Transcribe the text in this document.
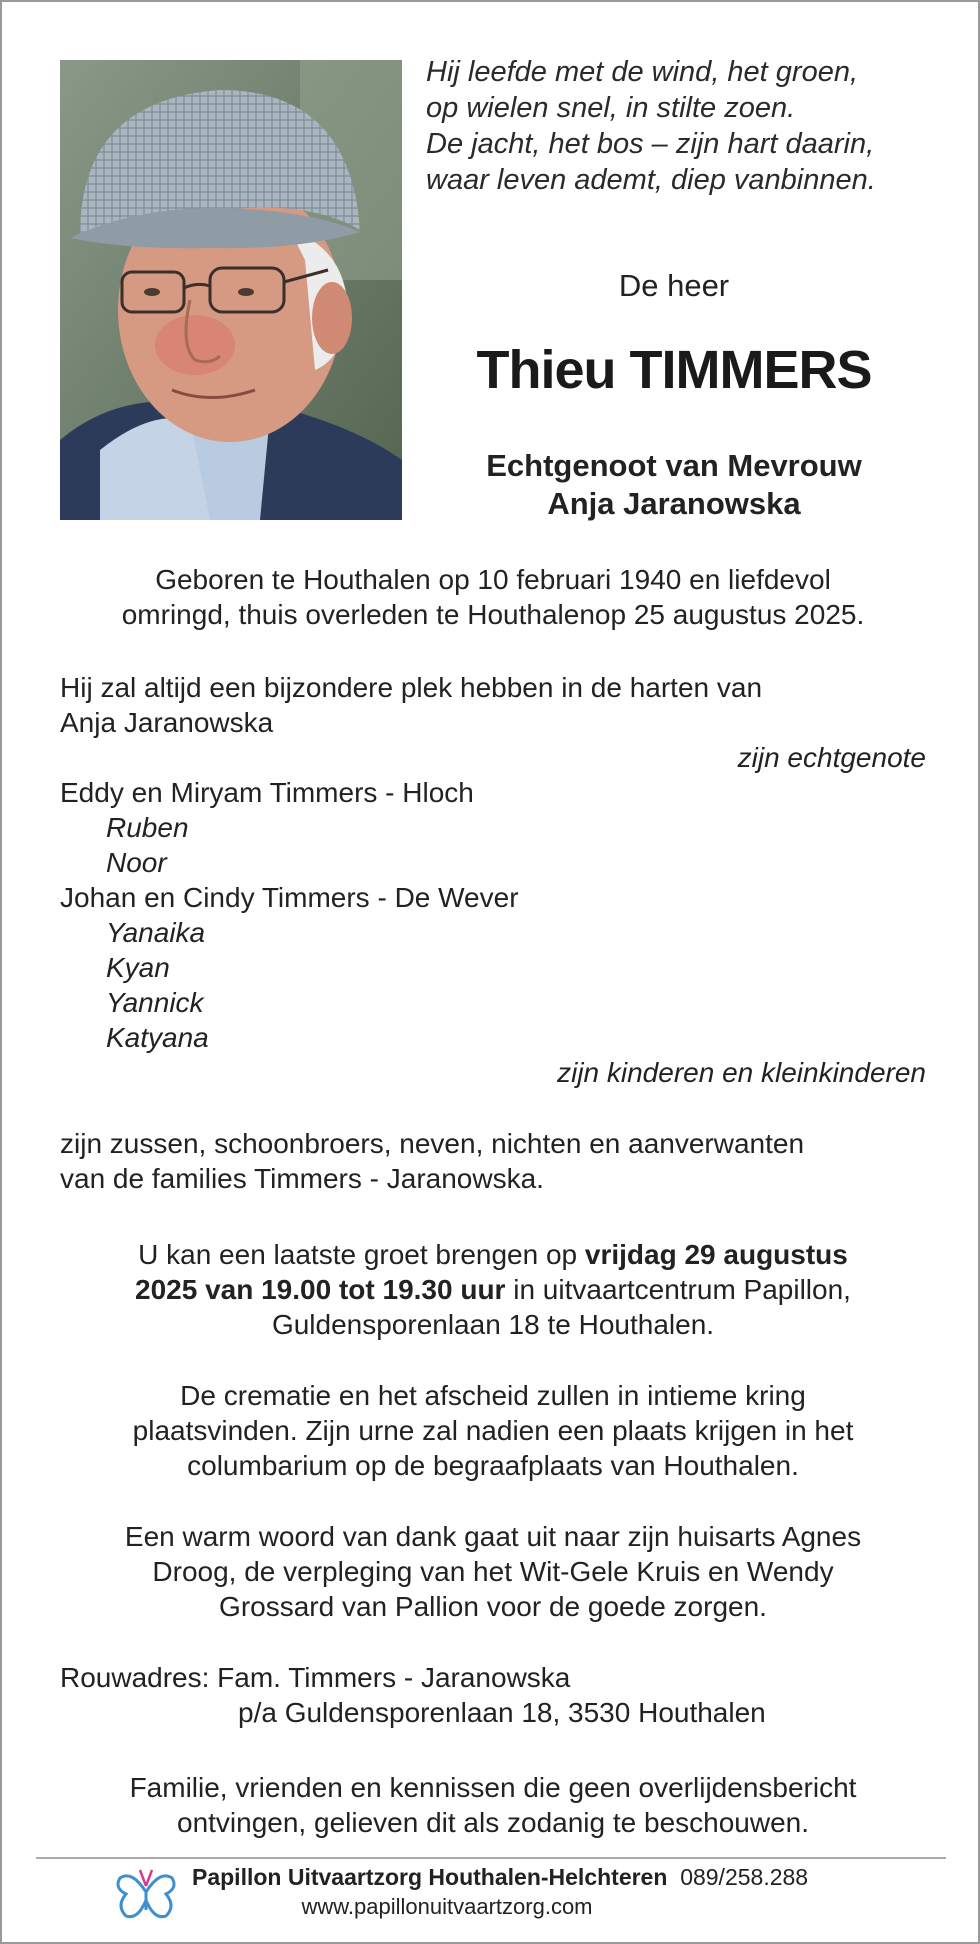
Hij leefde met de wind, het groen,
op wielen snel, in stilte zoen.
De jacht, het bos – zijn hart daarin,
waar leven ademt, diep vanbinnen.
De heer
Thieu TIMMERS
Echtgenoot van Mevrouw
Anja Jaranowska
Geboren te Houthalen op 10 februari 1940 en liefdevol
omringd, thuis overleden te Houthalenop 25 augustus 2025.
Hij zal altijd een bijzondere plek hebben in de harten van
Anja Jaranowska
zijn echtgenote
Eddy en Miryam Timmers - Hloch
Ruben
Noor
Johan en Cindy Timmers - De Wever
Yanaika
Kyan
Yannick
Katyana
zijn kinderen en kleinkinderen
zijn zussen, schoonbroers, neven, nichten en aanverwanten
van de families Timmers - Jaranowska.
U kan een laatste groet brengen op vrijdag 29 augustus
2025 van 19.00 tot 19.30 uur in uitvaartcentrum Papillon,
Guldensporenlaan 18 te Houthalen.
De crematie en het afscheid zullen in intieme kring
plaatsvinden. Zijn urne zal nadien een plaats krijgen in het
columbarium op de begraafplaats van Houthalen.
Een warm woord van dank gaat uit naar zijn huisarts Agnes
Droog, de verpleging van het Wit-Gele Kruis en Wendy
Grossard van Pallion voor de goede zorgen.
Rouwadres: Fam. Timmers - Jaranowska
p/a Guldensporenlaan 18, 3530 Houthalen
Familie, vrienden en kennissen die geen overlijdensbericht
ontvingen, gelieven dit als zodanig te beschouwen.
Papillon Uitvaartzorg Houthalen-Helchteren 089/258.288
www.papillonuitvaartzorg.com
